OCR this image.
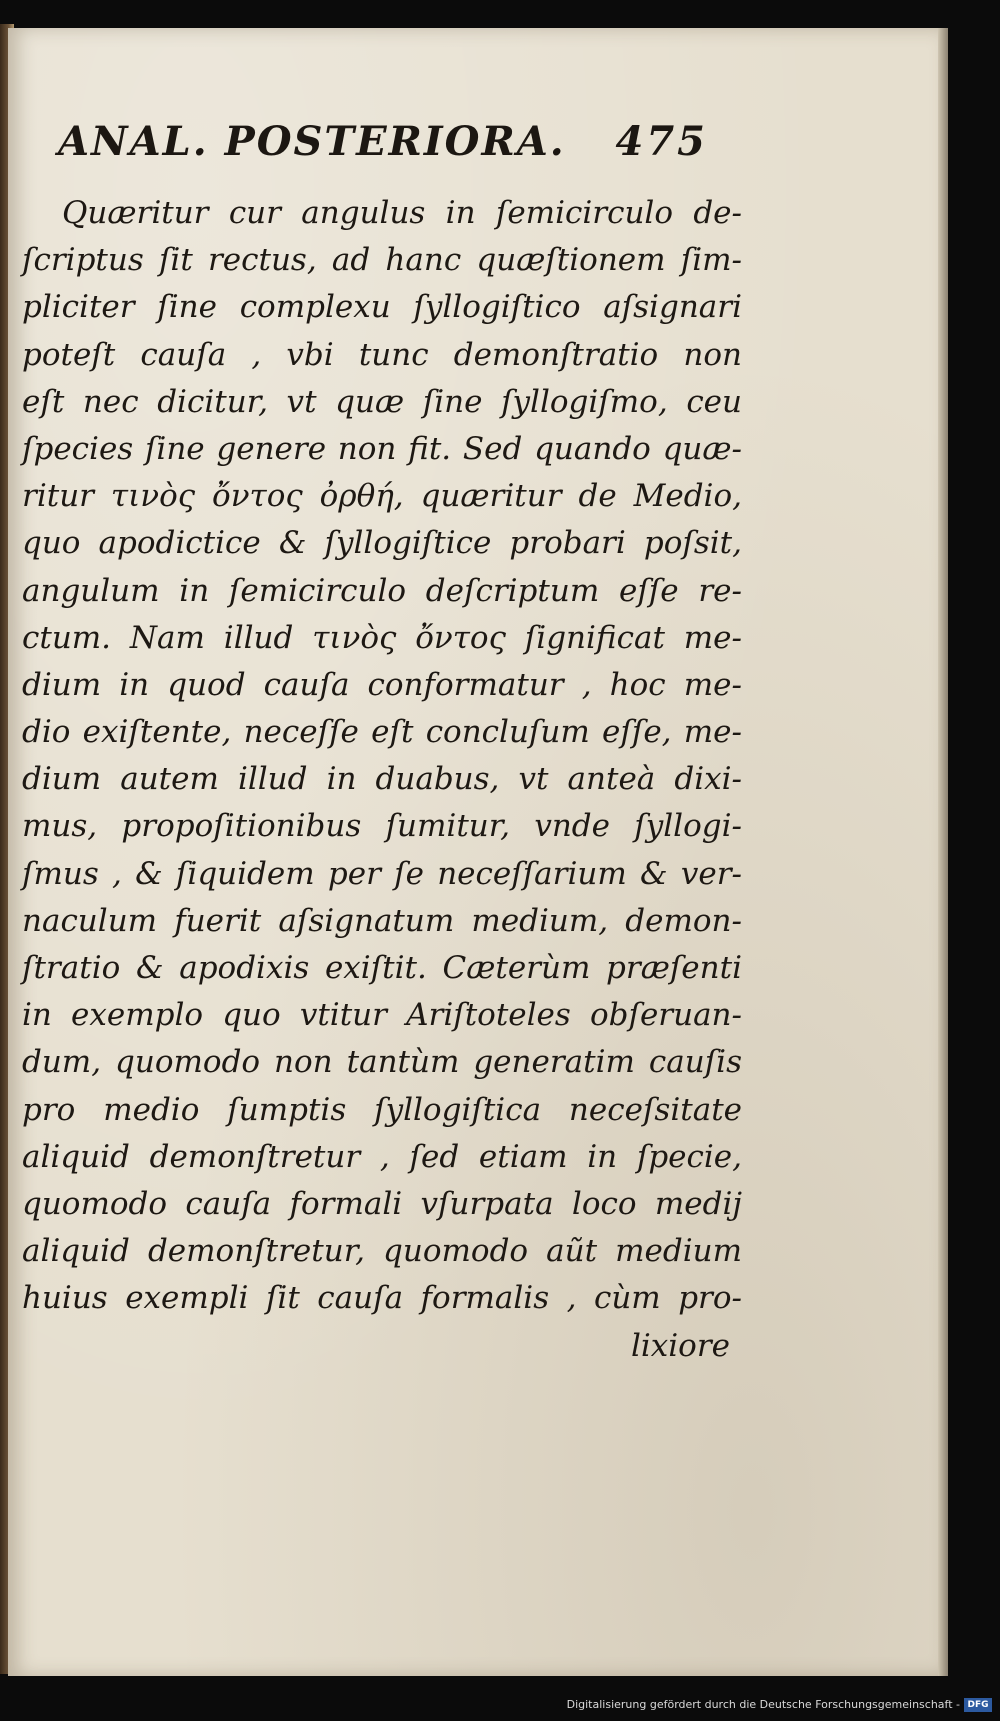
ANAL. POSTERIORA. 475
Quæritur cur angulus in ſemicirculo de-
ſcriptus ſit rectus, ad hanc quæſtionem ſim-
pliciter ſine complexu ſyllogiſtico aſsignari
poteſt cauſa , vbi tunc demonſtratio non
eſt nec dicitur, vt quæ ſine ſyllogiſmo, ceu
ſpecies ſine genere non fit. Sed quando quæ-
ritur τινὸς ὄντος ὀρθή, quæritur de Medio,
quo apodictice & ſyllogiſtice probari poſsit,
angulum in ſemicirculo deſcriptum eſſe re-
ctum. Nam illud τινὸς ὄντος ſignificat me-
dium in quod cauſa conformatur , hoc me-
dio exiſtente, neceſſe eſt concluſum eſſe, me-
dium autem illud in duabus, vt anteà dixi-
mus, propoſitionibus ſumitur, vnde ſyllogi-
ſmus , & ſiquidem per ſe neceſſarium & ver-
naculum fuerit aſsignatum medium, demon-
ſtratio & apodixis exiſtit. Cæterùm præſenti
in exemplo quo vtitur Ariſtoteles obſeruan-
dum, quomodo non tantùm generatim cauſis
pro medio ſumptis ſyllogiſtica neceſsitate
aliquid demonſtretur , ſed etiam in ſpecie,
quomodo cauſa formali vſurpata loco medij
aliquid demonſtretur, quomodo aũt medium
huius exempli ſit cauſa formalis , cùm pro-
lixiore
Digitalisierung gefördert durch die Deutsche Forschungsgemeinschaft - DFG
